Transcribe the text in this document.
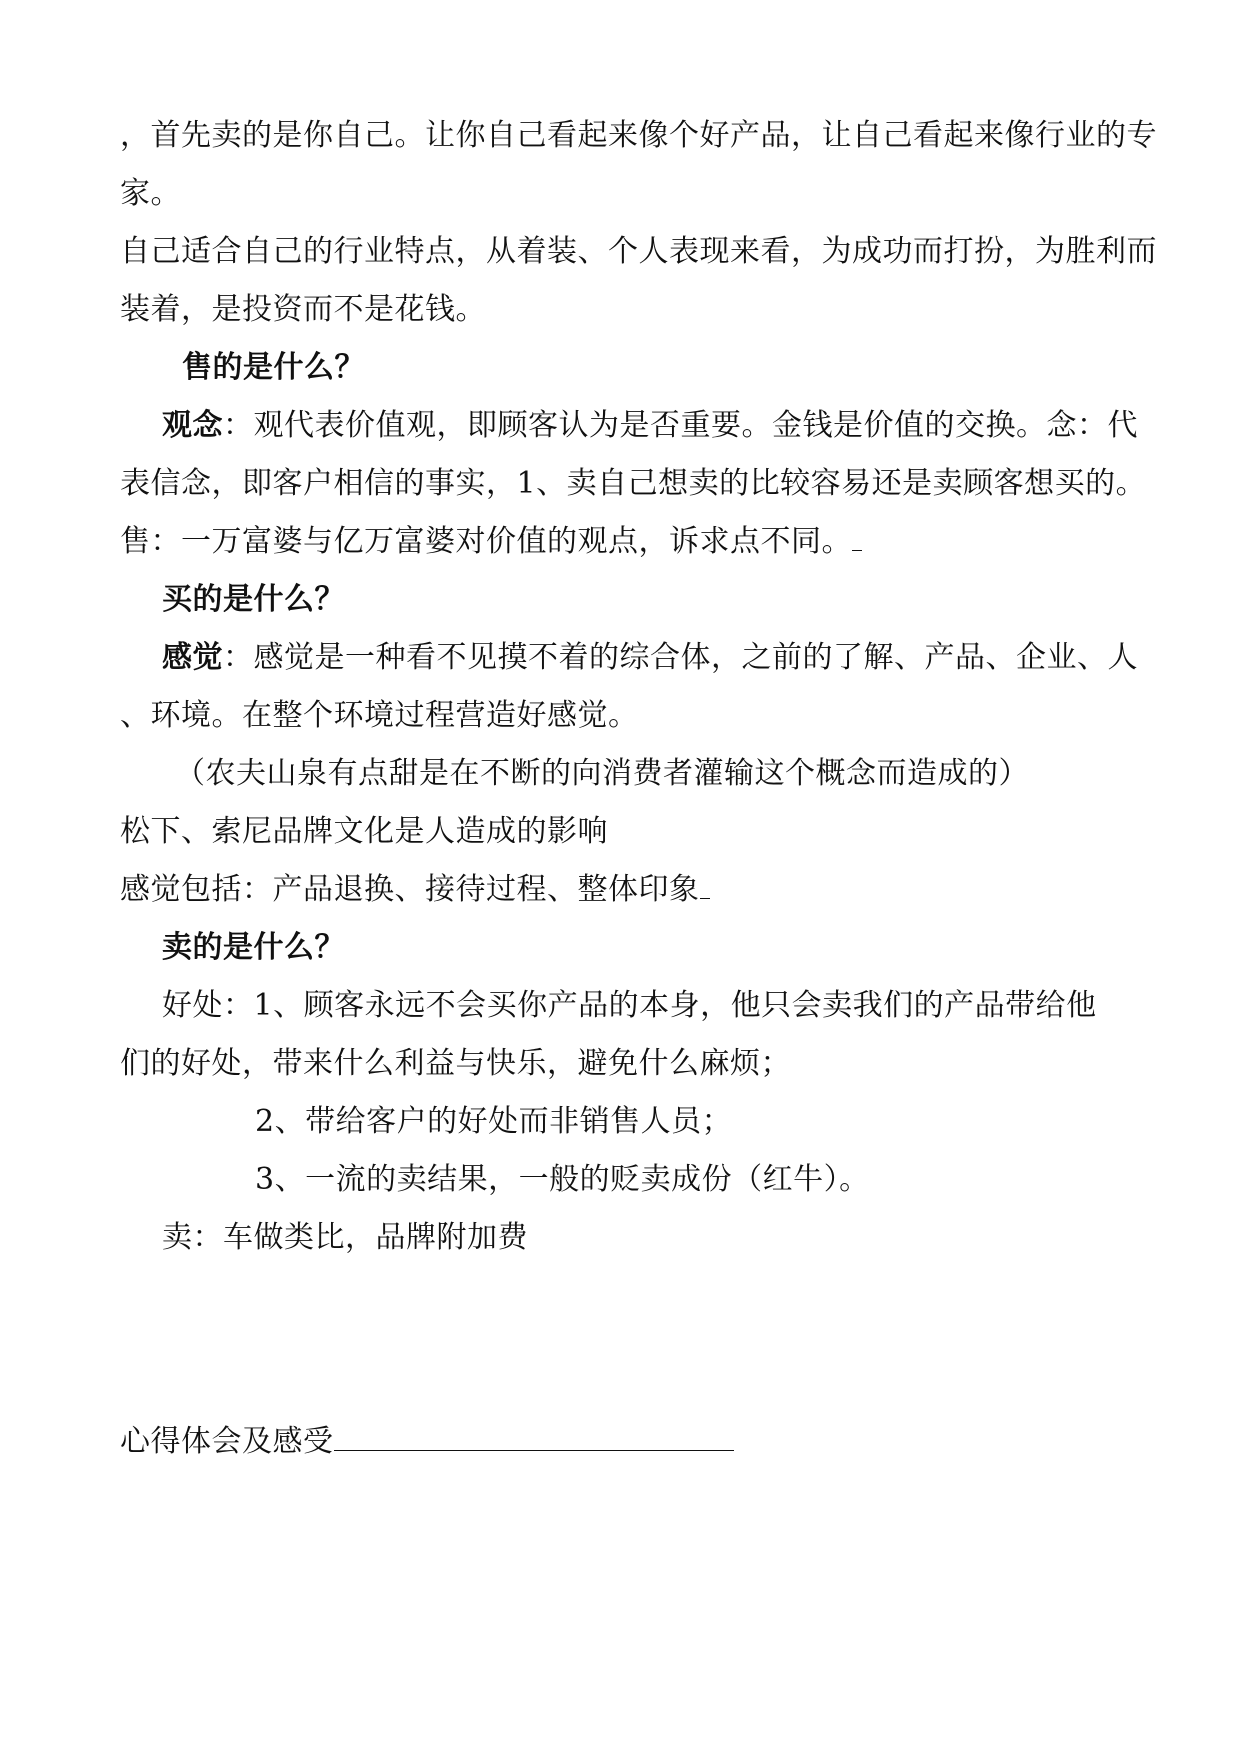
，首先卖的是你自己。让你自己看起来像个好产品，让自己看起来像行业的专
家。
自己适合自己的行业特点，从着装、个人表现来看，为成功而打扮，为胜利而
装着，是投资而不是花钱。
售的是什么？
观念：观代表价值观，即顾客认为是否重要。金钱是价值的交换。念：代
表信念，即客户相信的事实，1、卖自己想卖的比较容易还是卖顾客想买的。
售：一万富婆与亿万富婆对价值的观点，诉求点不同。
买的是什么？
感觉：感觉是一种看不见摸不着的综合体，之前的了解、产品、企业、人
、环境。在整个环境过程营造好感觉。
（农夫山泉有点甜是在不断的向消费者灌输这个概念而造成的）
松下、索尼品牌文化是人造成的影响
感觉包括：产品退换、接待过程、整体印象
卖的是什么？
好处：1、顾客永远不会买你产品的本身，他只会卖我们的产品带给他
们的好处，带来什么利益与快乐，避免什么麻烦；
2、带给客户的好处而非销售人员；
3、一流的卖结果，一般的贬卖成份（红牛）。
卖：车做类比，品牌附加费
心得体会及感受
